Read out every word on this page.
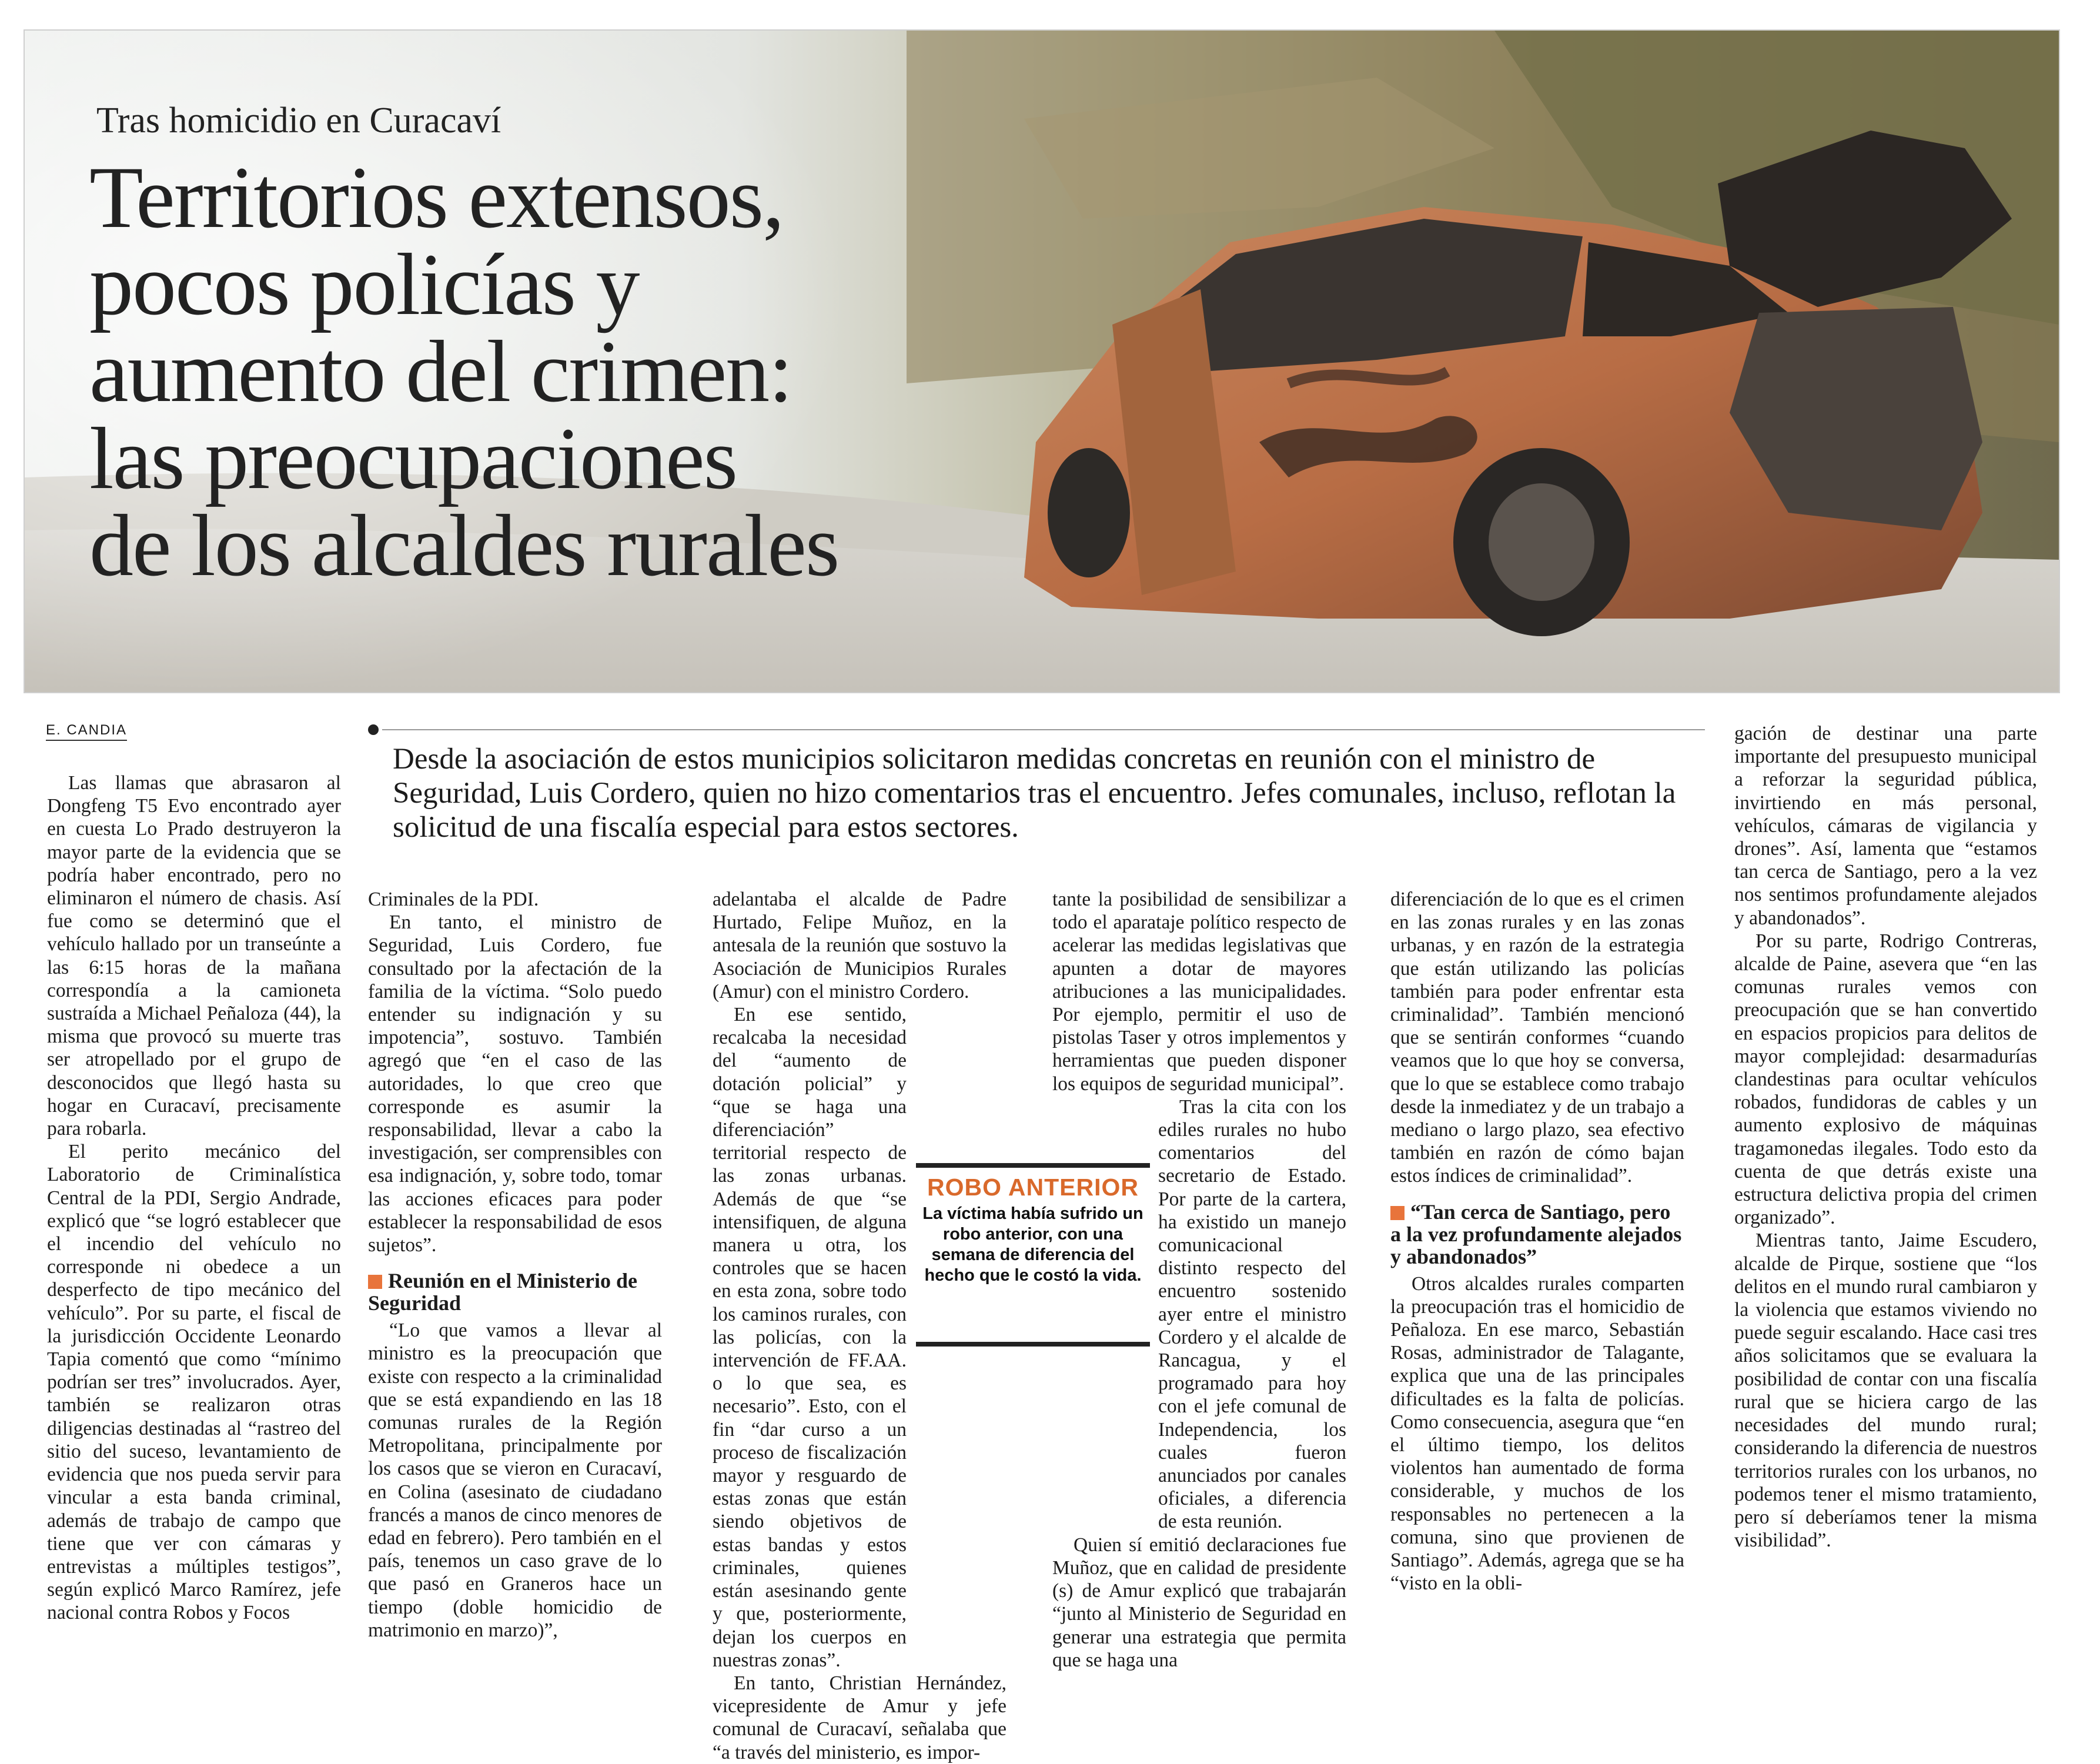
Tras homicidio en Curacaví
Territorios extensos,
pocos policías y
aumento del crimen:
las preocupaciones
de los alcaldes rurales
E. CANDIA
Desde la asociación de estos municipios solicitaron medidas concretas en reunión con el ministro de Seguridad, Luis Cordero, quien no hizo comentarios tras el encuentro. Jefes comunales, incluso, reflotan la solicitud de una fiscalía especial para estos sectores.

Las llamas que abrasaron al Dongfeng T5 Evo encontrado ayer en cuesta Lo Prado destruyeron la mayor parte de la evidencia que se podría haber encontrado, pero no eliminaron el número de chasis. Así fue como se determinó que el vehículo hallado por un transeúnte a las 6:15 horas de la mañana correspondía a la camioneta sustraída a Michael Peñaloza (44), la misma que provocó su muerte tras ser atropellado por el grupo de desconocidos que llegó hasta su hogar en Curacaví, precisamente para robarla.

El perito mecánico del Laboratorio de Criminalística Central de la PDI, Sergio Andrade, explicó que “se logró establecer que el incendio del vehículo no corresponde ni obedece a un desperfecto de tipo mecánico del vehículo”. Por su parte, el fiscal de la jurisdicción Occidente Leonardo Tapia comentó que como “mínimo podrían ser tres” involucrados. Ayer, también se realizaron otras diligencias destinadas al “rastreo del sitio del suceso, levantamiento de evidencia que nos pueda servir para vincular a esta banda criminal, además de trabajo de campo que tiene que ver con cámaras y entrevistas a múltiples testigos”, según explicó Marco Ramírez, jefe nacional contra Robos y Focos

Criminales de la PDI.

En tanto, el ministro de Seguridad, Luis Cordero, fue consultado por la afectación de la familia de la víctima. “Solo puedo entender su indignación y su impotencia”, sostuvo. También agregó que “en el caso de las autoridades, lo que creo que corresponde es asumir la responsabilidad, llevar a cabo la investigación, ser comprensibles con esa indignación, y, sobre todo, tomar las acciones eficaces para poder establecer la responsabilidad de esos sujetos”.

Reunión en el Ministerio de Seguridad

“Lo que vamos a llevar al ministro es la preocupación que existe con respecto a la criminalidad que se está expandiendo en las 18 comunas rurales de la Región Metropolitana, principalmente por los casos que se vieron en Curacaví, en Colina (asesinato de ciudadano francés a manos de cinco menores de edad en febrero). Pero también en el país, tenemos un caso grave de lo que pasó en Graneros hace un tiempo (doble homicidio de matrimonio en marzo)”,

adelantaba el alcalde de Padre Hurtado, Felipe Muñoz, en la antesala de la reunión que sostuvo la Asociación de Municipios Rurales (Amur) con el ministro Cordero.

En ese sentido, recalcaba la necesidad del “aumento de dotación policial” y “que se haga una diferenciación” territorial respecto de las zonas urbanas. Además de que “se intensifiquen, de alguna manera u otra, los controles que se hacen en esta zona, sobre todo los caminos rurales, con las policías, con la intervención de FF.AA. o lo que sea, es necesario”. Esto, con el fin “dar curso a un proceso de fiscalización mayor y resguardo de estas zonas que están siendo objetivos de estas bandas y estos criminales, quienes están asesinando gente y que, posteriormente, dejan los cuerpos en nuestras zonas”.

En tanto, Christian Hernández, vicepresidente de Amur y jefe comunal de Curacaví, señalaba que “a través del ministerio, es impor-

tante la posibilidad de sensibilizar a todo el aparataje político respecto de acelerar las medidas legislativas que apunten a dotar de mayores atribuciones a las municipalidades. Por ejemplo, permitir el uso de pistolas Taser y otros implementos y herramientas que pueden disponer los equipos de seguridad municipal”.

Tras la cita con los ediles rurales no hubo comentarios del secretario de Estado. Por parte de la cartera, ha existido un manejo comunicacional distinto respecto del encuentro sostenido ayer entre el ministro Cordero y el alcalde de Rancagua, y el programado para hoy con el jefe comunal de Independencia, los cuales fueron anunciados por canales oficiales, a diferencia de esta reunión.

Quien sí emitió declaraciones fue Muñoz, que en calidad de presidente (s) de Amur explicó que trabajarán “junto al Ministerio de Seguridad en generar una estrategia que permita que se haga una

ROBO ANTERIOR
La víctima había sufrido un robo anterior, con una semana de diferencia del hecho que le costó la vida.

diferenciación de lo que es el crimen en las zonas rurales y en las zonas urbanas, y en razón de la estrategia que están utilizando las policías también para poder enfrentar esta criminalidad”. También mencionó que se sentirán conformes “cuando veamos que lo que hoy se conversa, que lo que se establece como trabajo desde la inmediatez y de un trabajo a mediano o largo plazo, sea efectivo también en razón de cómo bajan estos índices de criminalidad”.

“Tan cerca de Santiago, pero a la vez profundamente alejados y abandonados”

Otros alcaldes rurales comparten la preocupación tras el homicidio de Peñaloza. En ese marco, Sebastián Rosas, administrador de Talagante, explica que una de las principales dificultades es la falta de policías. Como consecuencia, asegura que “en el último tiempo, los delitos violentos han aumentado de forma considerable, y muchos de los responsables no pertenecen a la comuna, sino que provienen de Santiago”. Además, agrega que se ha “visto en la obli-

gación de destinar una parte importante del presupuesto municipal a reforzar la seguridad pública, invirtiendo en más personal, vehículos, cámaras de vigilancia y drones”. Así, lamenta que “estamos tan cerca de Santiago, pero a la vez nos sentimos profundamente alejados y abandonados”.

Por su parte, Rodrigo Contreras, alcalde de Paine, asevera que “en las comunas rurales vemos con preocupación que se han convertido en espacios propicios para delitos de mayor complejidad: desarmadurías clandestinas para ocultar vehículos robados, fundidoras de cables y un aumento explosivo de máquinas tragamonedas ilegales. Todo esto da cuenta de que detrás existe una estructura delictiva propia del crimen organizado”.

Mientras tanto, Jaime Escudero, alcalde de Pirque, sostiene que “los delitos en el mundo rural cambiaron y la violencia que estamos viviendo no puede seguir escalando. Hace casi tres años solicitamos que se evaluara la posibilidad de contar con una fiscalía rural que se hiciera cargo de las necesidades del mundo rural; considerando la diferencia de nuestros territorios rurales con los urbanos, no podemos tener el mismo tratamiento, pero sí deberíamos tener la misma visibilidad”.
